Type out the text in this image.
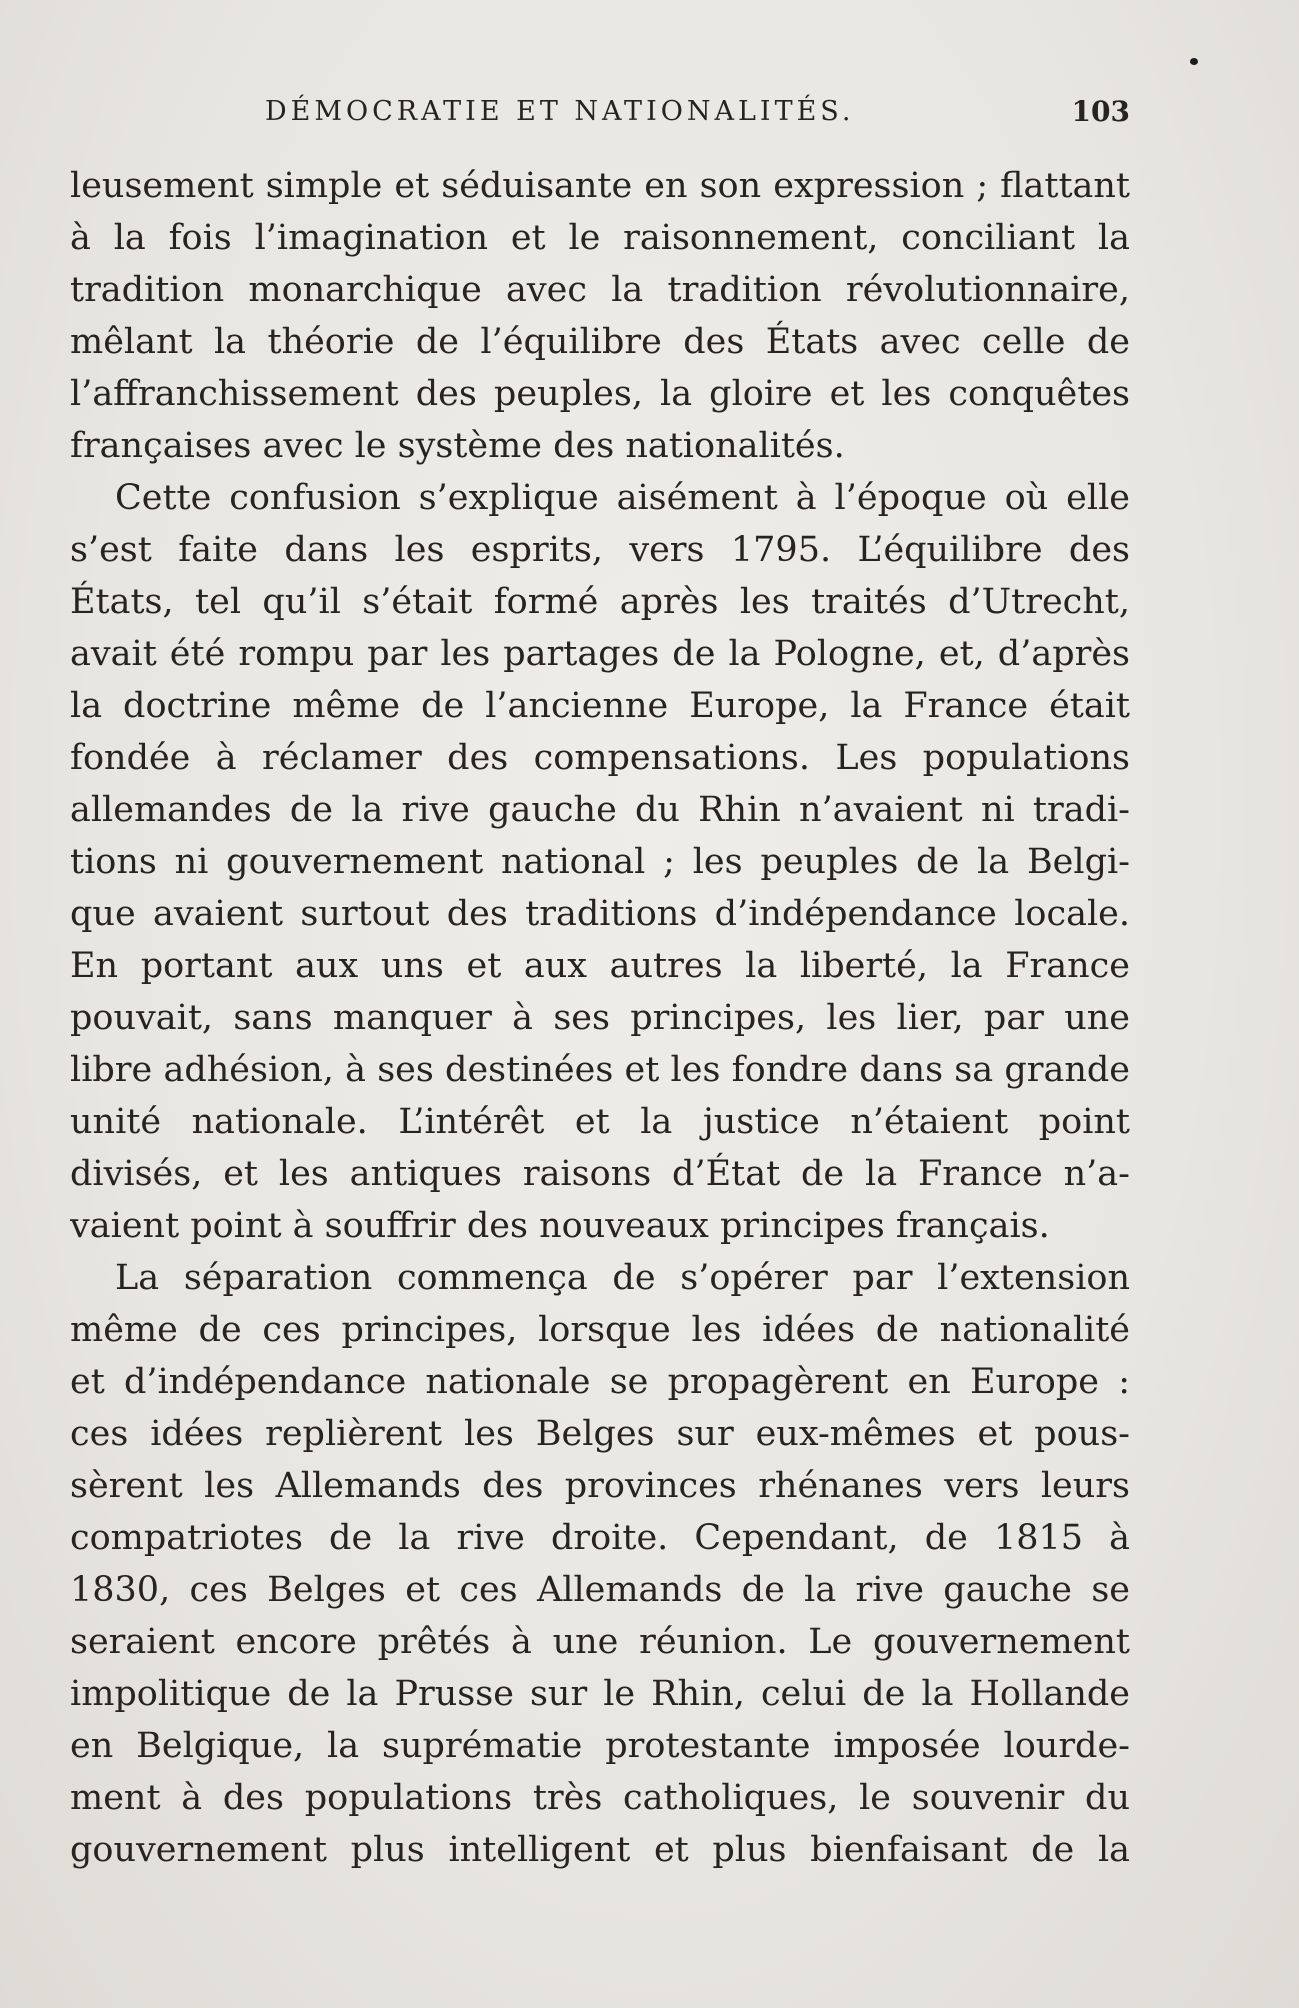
DÉMOCRATIE ET NATIONALITÉS.	103
leusement simple et séduisante en son expression ; flattant
à la fois l’imagination et le raisonnement, conciliant la
tradition monarchique avec la tradition révolutionnaire,
mêlant la théorie de l’équilibre des États avec celle de
l’affranchissement des peuples, la gloire et les conquêtes
françaises avec le système des nationalités.
Cette confusion s’explique aisément à l’époque où elle
s’est faite dans les esprits, vers 1795. L’équilibre des
États, tel qu’il s’était formé après les traités d’Utrecht,
avait été rompu par les partages de la Pologne, et, d’après
la doctrine même de l’ancienne Europe, la France était
fondée à réclamer des compensations. Les populations
allemandes de la rive gauche du Rhin n’avaient ni tradi-
tions ni gouvernement national ; les peuples de la Belgi-
que avaient surtout des traditions d’indépendance locale.
En portant aux uns et aux autres la liberté, la France
pouvait, sans manquer à ses principes, les lier, par une
libre adhésion, à ses destinées et les fondre dans sa grande
unité nationale. L’intérêt et la justice n’étaient point
divisés, et les antiques raisons d’État de la France n’a-
vaient point à souffrir des nouveaux principes français.
La séparation commença de s’opérer par l’extension
même de ces principes, lorsque les idées de nationalité
et d’indépendance nationale se propagèrent en Europe :
ces idées replièrent les Belges sur eux-mêmes et pous-
sèrent les Allemands des provinces rhénanes vers leurs
compatriotes de la rive droite. Cependant, de 1815 à
1830, ces Belges et ces Allemands de la rive gauche se
seraient encore prêtés à une réunion. Le gouvernement
impolitique de la Prusse sur le Rhin, celui de la Hollande
en Belgique, la suprématie protestante imposée lourde-
ment à des populations très catholiques, le souvenir du
gouvernement plus intelligent et plus bienfaisant de la
